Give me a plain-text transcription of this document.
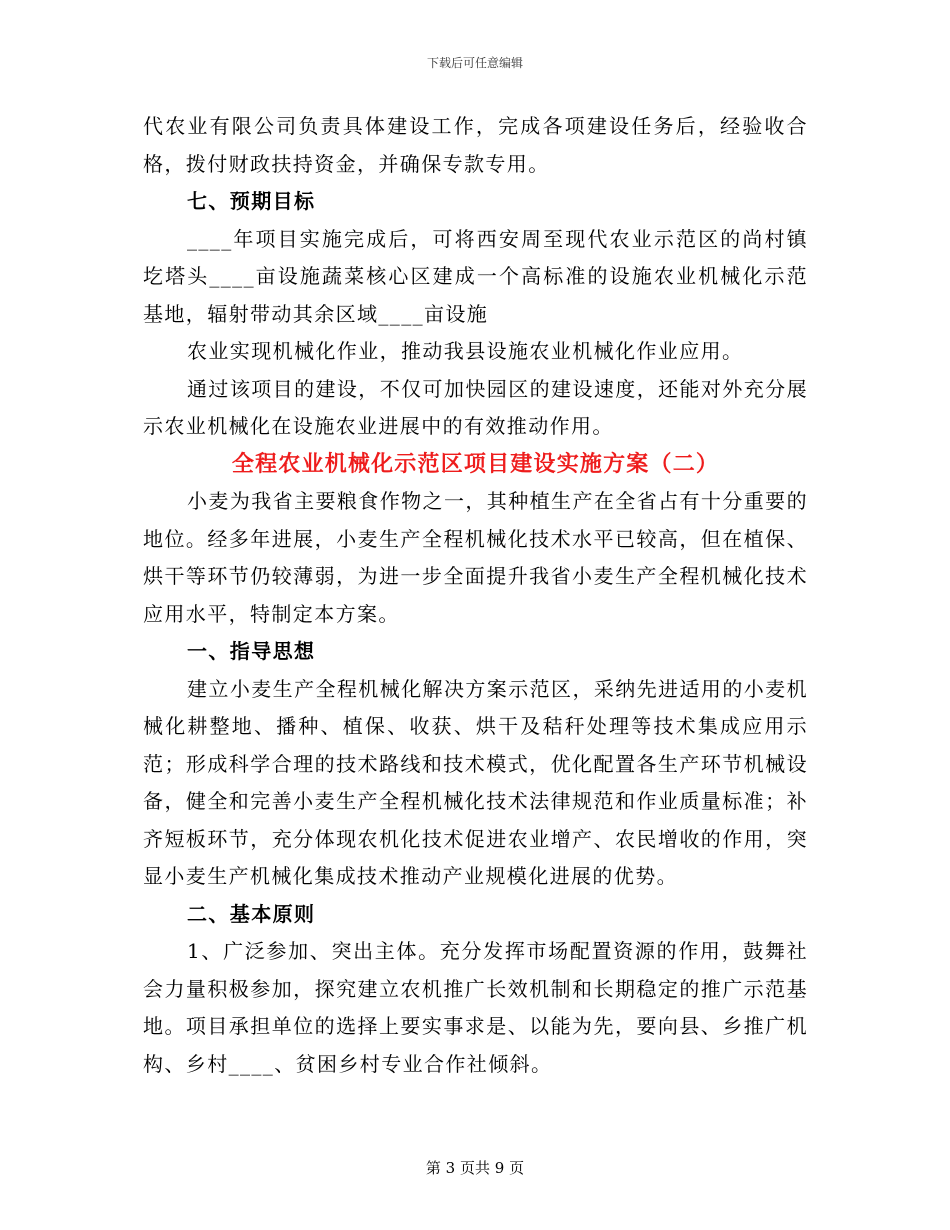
下载后可任意编辑

代农业有限公司负责具体建设工作，完成各项建设任务后，经验收合格，拨付财政扶持资金，并确保专款专用。

七、预期目标

____年项目实施完成后，可将西安周至现代农业示范区的尚村镇圪塔头____亩设施蔬菜核心区建成一个高标准的设施农业机械化示范基地，辐射带动其余区域____亩设施

农业实现机械化作业，推动我县设施农业机械化作业应用。

通过该项目的建设，不仅可加快园区的建设速度，还能对外充分展示农业机械化在设施农业进展中的有效推动作用。

全程农业机械化示范区项目建设实施方案（二）

小麦为我省主要粮食作物之一，其种植生产在全省占有十分重要的地位。经多年进展，小麦生产全程机械化技术水平已较高，但在植保、烘干等环节仍较薄弱，为进一步全面提升我省小麦生产全程机械化技术应用水平，特制定本方案。

一、指导思想

建立小麦生产全程机械化解决方案示范区，采纳先进适用的小麦机械化耕整地、播种、植保、收获、烘干及秸秆处理等技术集成应用示范；形成科学合理的技术路线和技术模式，优化配置各生产环节机械设备，健全和完善小麦生产全程机械化技术法律规范和作业质量标准；补齐短板环节，充分体现农机化技术促进农业增产、农民增收的作用，突显小麦生产机械化集成技术推动产业规模化进展的优势。

二、基本原则

1、广泛参加、突出主体。充分发挥市场配置资源的作用，鼓舞社会力量积极参加，探究建立农机推广长效机制和长期稳定的推广示范基地。项目承担单位的选择上要实事求是、以能为先，要向县、乡推广机构、乡村____、贫困乡村专业合作社倾斜。

第 3 页共 9 页
